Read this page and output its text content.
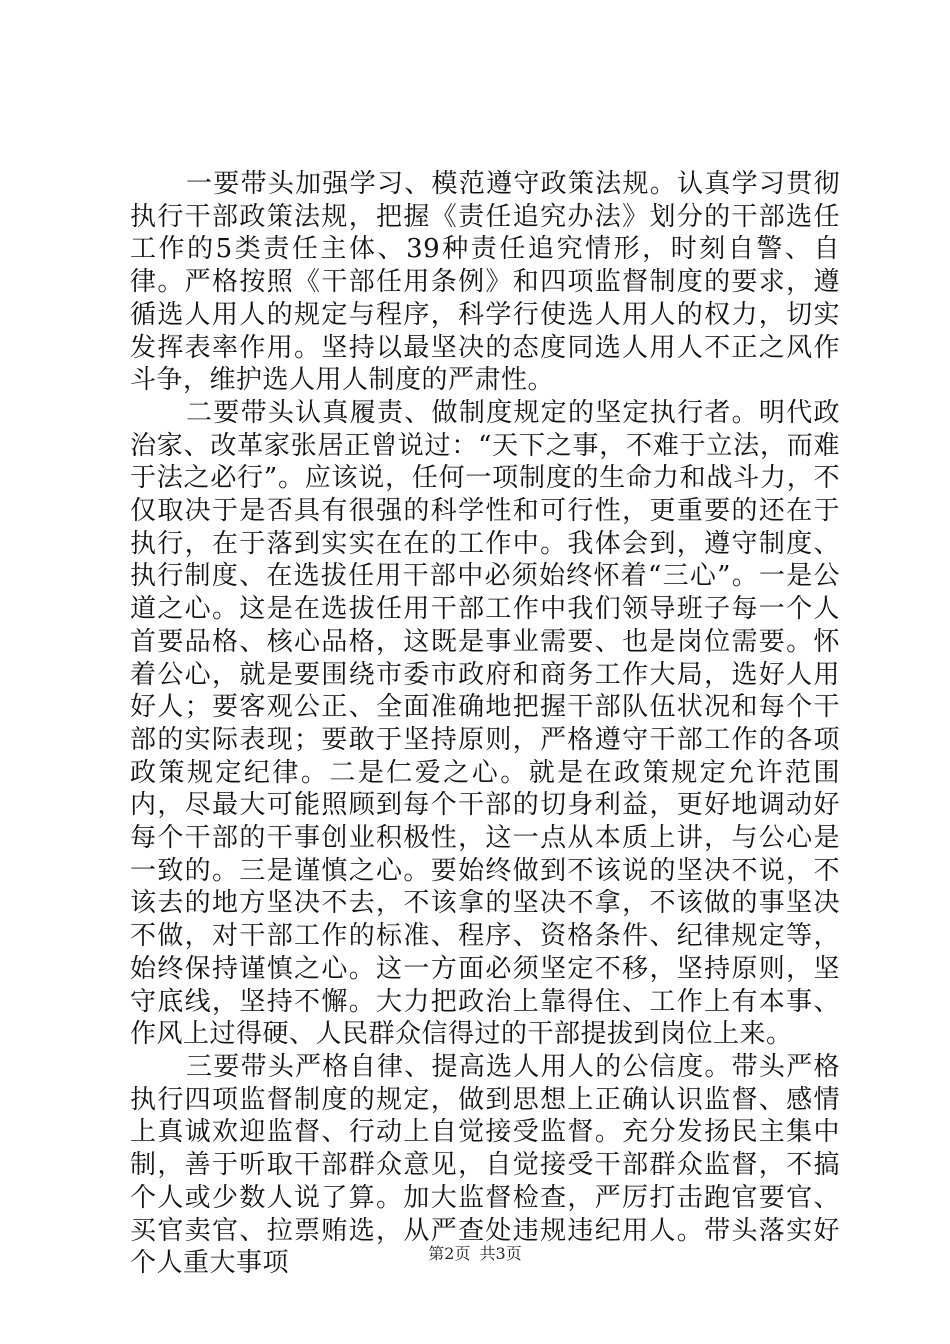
一要带头加强学习、模范遵守政策法规。认真学习贯彻执行干部政策法规，把握《责任追究办法》划分的干部选任工作的5类责任主体、39种责任追究情形，时刻自警、自律。严格按照《干部任用条例》和四项监督制度的要求，遵循选人用人的规定与程序，科学行使选人用人的权力，切实发挥表率作用。坚持以最坚决的态度同选人用人不正之风作斗争，维护选人用人制度的严肃性。

二要带头认真履责、做制度规定的坚定执行者。明代政治家、改革家张居正曾说过：“天下之事，不难于立法，而难于法之必行”。应该说，任何一项制度的生命力和战斗力，不仅取决于是否具有很强的科学性和可行性，更重要的还在于执行，在于落到实实在在的工作中。我体会到，遵守制度、执行制度、在选拔任用干部中必须始终怀着“三心”。一是公道之心。这是在选拔任用干部工作中我们领导班子每一个人首要品格、核心品格，这既是事业需要、也是岗位需要。怀着公心，就是要围绕市委市政府和商务工作大局，选好人用好人；要客观公正、全面准确地把握干部队伍状况和每个干部的实际表现；要敢于坚持原则，严格遵守干部工作的各项政策规定纪律。二是仁爱之心。就是在政策规定允许范围内，尽最大可能照顾到每个干部的切身利益，更好地调动好每个干部的干事创业积极性，这一点从本质上讲，与公心是一致的。三是谨慎之心。要始终做到不该说的坚决不说，不该去的地方坚决不去，不该拿的坚决不拿，不该做的事坚决不做，对干部工作的标准、程序、资格条件、纪律规定等，始终保持谨慎之心。这一方面必须坚定不移，坚持原则，坚守底线，坚持不懈。大力把政治上靠得住、工作上有本事、作风上过得硬、人民群众信得过的干部提拔到岗位上来。

三要带头严格自律、提高选人用人的公信度。带头严格执行四项监督制度的规定，做到思想上正确认识监督、感情上真诚欢迎监督、行动上自觉接受监督。充分发扬民主集中制，善于听取干部群众意见，自觉接受干部群众监督，不搞个人或少数人说了算。加大监督检查，严厉打击跑官要官、买官卖官、拉票贿选，从严查处违规违纪用人。带头落实好个人重大事项	第2页 共3页
